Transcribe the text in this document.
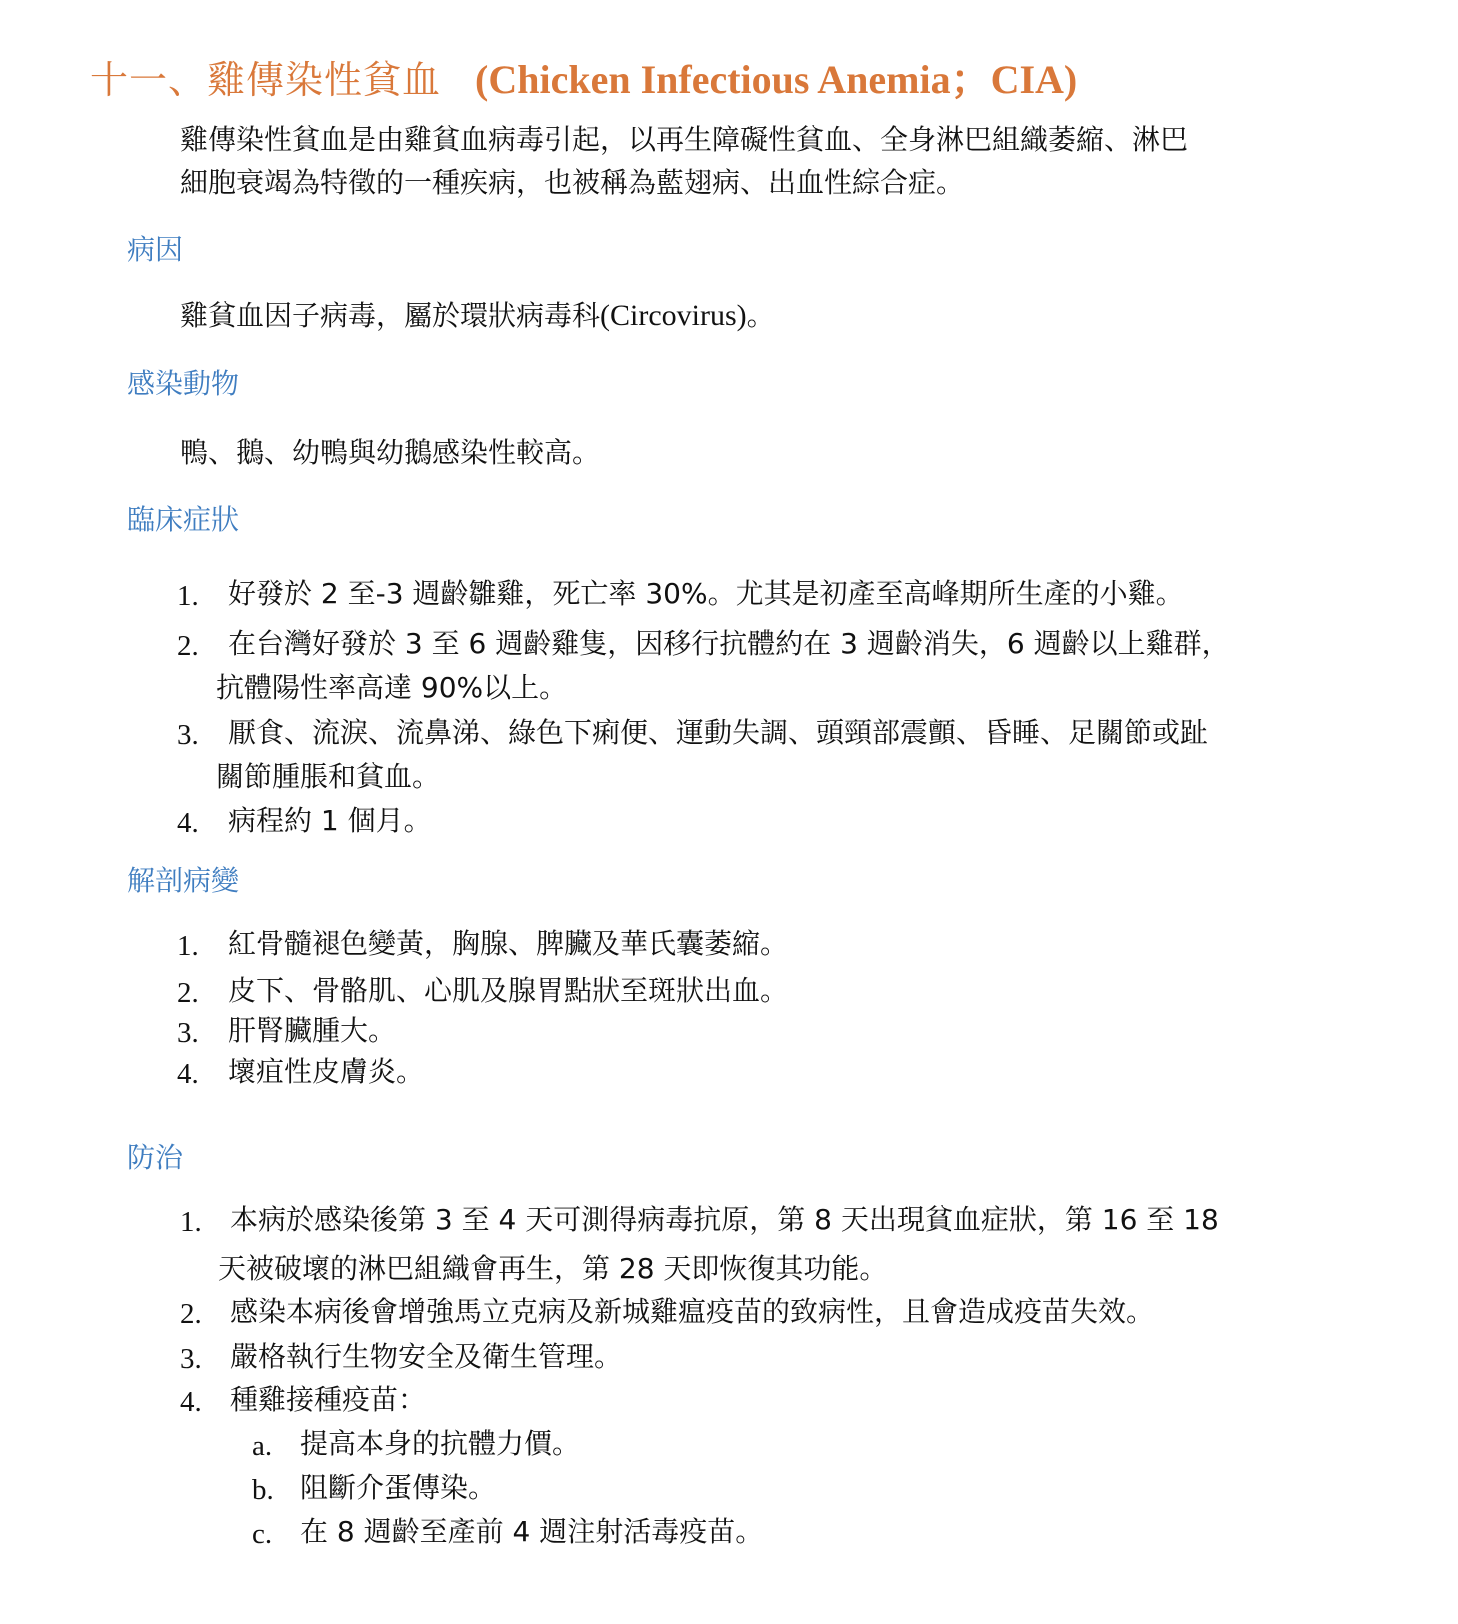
十一、雞傳染性貧血 (Chicken Infectious Anemia；CIA)
雞傳染性貧血是由雞貧血病毒引起，以再生障礙性貧血、全身淋巴組織萎縮、淋巴
細胞衰竭為特徵的一種疾病，也被稱為藍翅病、出血性綜合症。
病因
雞貧血因子病毒，屬於環狀病毒科(Circovirus)。
感染動物
鴨、鵝、幼鴨與幼鵝感染性較高。
臨床症狀
1. 好發於 2 至-3 週齡雛雞，死亡率 30%。尤其是初產至高峰期所生產的小雞。
2. 在台灣好發於 3 至 6 週齡雞隻，因移行抗體約在 3 週齡消失，6 週齡以上雞群，
抗體陽性率高達 90%以上。
3. 厭食、流淚、流鼻涕、綠色下痢便、運動失調、頭頸部震顫、昏睡、足關節或趾
關節腫脹和貧血。
4. 病程約 1 個月。
解剖病變
1. 紅骨髓褪色變黃，胸腺、脾臟及華氏囊萎縮。
2. 皮下、骨骼肌、心肌及腺胃點狀至斑狀出血。
3. 肝腎臟腫大。
4. 壞疽性皮膚炎。
防治
1. 本病於感染後第 3 至 4 天可測得病毒抗原，第 8 天出現貧血症狀，第 16 至 18
天被破壞的淋巴組織會再生，第 28 天即恢復其功能。
2. 感染本病後會增強馬立克病及新城雞瘟疫苗的致病性，且會造成疫苗失效。
3. 嚴格執行生物安全及衛生管理。
4. 種雞接種疫苗：
a. 提高本身的抗體力價。
b. 阻斷介蛋傳染。
c. 在 8 週齡至產前 4 週注射活毒疫苗。
